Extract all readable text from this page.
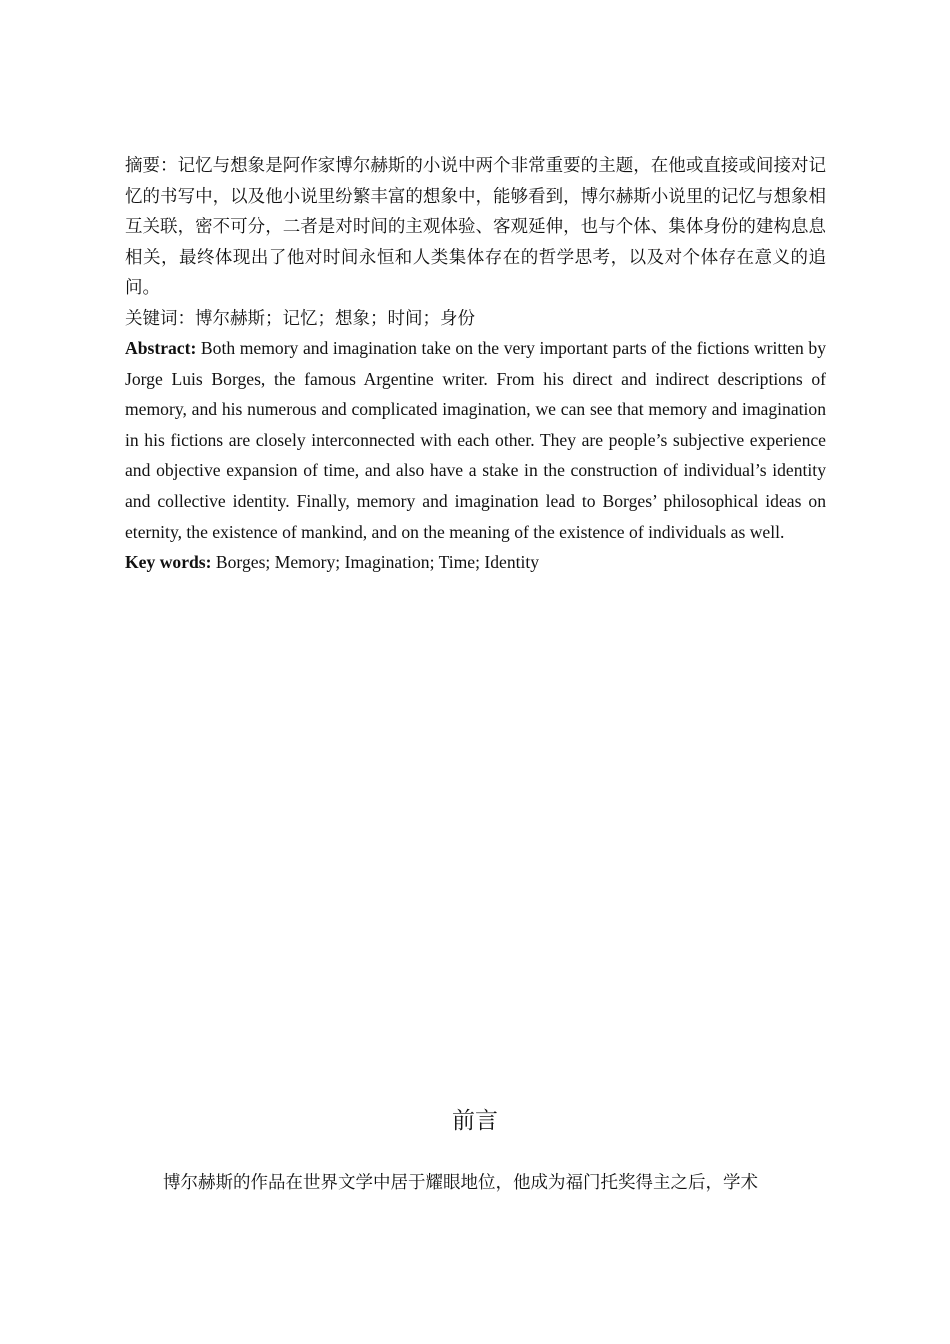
摘要：记忆与想象是阿作家博尔赫斯的小说中两个非常重要的主题，在他或直接或间接对记忆的书写中，以及他小说里纷繁丰富的想象中，能够看到，博尔赫斯小说里的记忆与想象相互关联，密不可分，二者是对时间的主观体验、客观延伸，也与个体、集体身份的建构息息相关，最终体现出了他对时间永恒和人类集体存在的哲学思考，以及对个体存在意义的追问。

关键词：博尔赫斯；记忆；想象；时间；身份

Abstract: Both memory and imagination take on the very important parts of the fictions written by Jorge Luis Borges, the famous Argentine writer. From his direct and indirect descriptions of memory, and his numerous and complicated imagination, we can see that memory and imagination in his fictions are closely interconnected with each other. They are people’s subjective experience and objective expansion of time, and also have a stake in the construction of individual’s identity and collective identity. Finally, memory and imagination lead to Borges’ philosophical ideas on eternity, the existence of mankind, and on the meaning of the existence of individuals as well.

Key words: Borges; Memory; Imagination; Time; Identity

前言

博尔赫斯的作品在世界文学中居于耀眼地位，他成为福门托奖得主之后，学术
